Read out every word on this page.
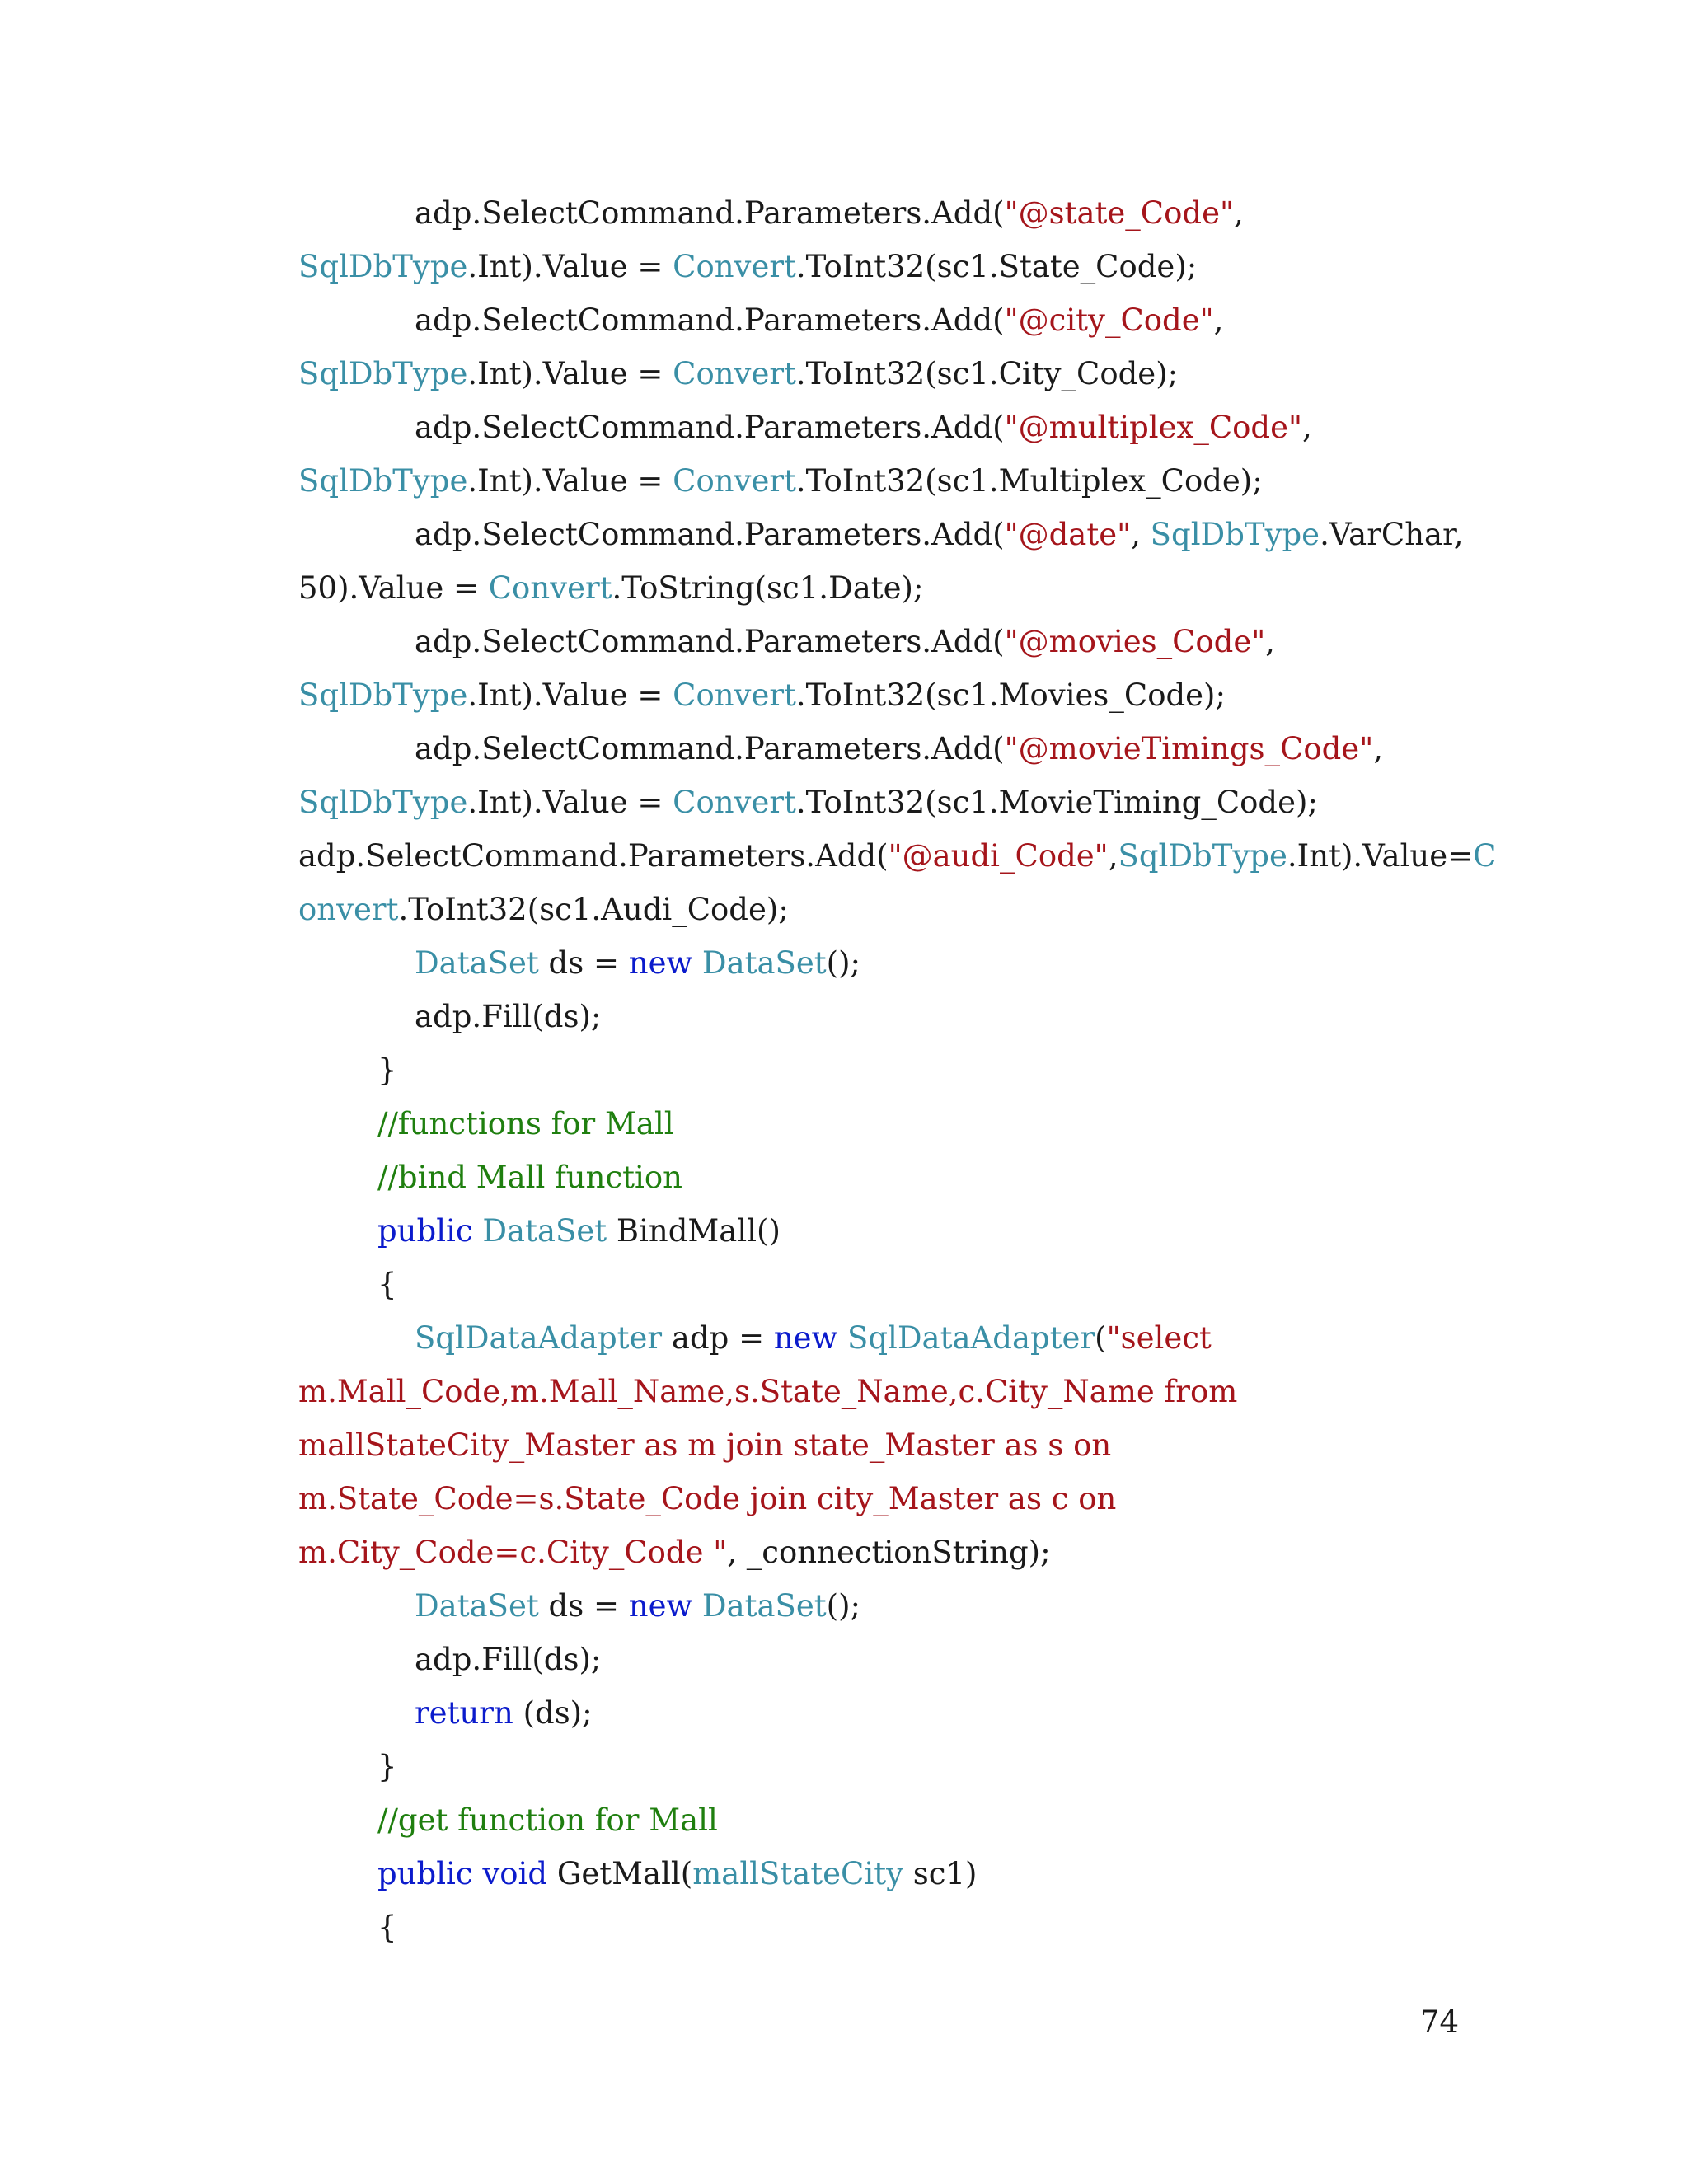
adp.SelectCommand.Parameters.Add("@state_Code",
SqlDbType.Int).Value = Convert.ToInt32(sc1.State_Code);
adp.SelectCommand.Parameters.Add("@city_Code",
SqlDbType.Int).Value = Convert.ToInt32(sc1.City_Code);
adp.SelectCommand.Parameters.Add("@multiplex_Code",
SqlDbType.Int).Value = Convert.ToInt32(sc1.Multiplex_Code);
adp.SelectCommand.Parameters.Add("@date", SqlDbType.VarChar,
50).Value = Convert.ToString(sc1.Date);
adp.SelectCommand.Parameters.Add("@movies_Code",
SqlDbType.Int).Value = Convert.ToInt32(sc1.Movies_Code);
adp.SelectCommand.Parameters.Add("@movieTimings_Code",
SqlDbType.Int).Value = Convert.ToInt32(sc1.MovieTiming_Code);
adp.SelectCommand.Parameters.Add("@audi_Code",SqlDbType.Int).Value=C
onvert.ToInt32(sc1.Audi_Code);
DataSet ds = new DataSet();
adp.Fill(ds);
}
//functions for Mall
//bind Mall function
public DataSet BindMall()
{
SqlDataAdapter adp = new SqlDataAdapter("select
m.Mall_Code,m.Mall_Name,s.State_Name,c.City_Name from
mallStateCity_Master as m join state_Master as s on
m.State_Code=s.State_Code join city_Master as c on
m.City_Code=c.City_Code ", _connectionString);
DataSet ds = new DataSet();
adp.Fill(ds);
return (ds);
}
//get function for Mall
public void GetMall(mallStateCity sc1)
{
74
